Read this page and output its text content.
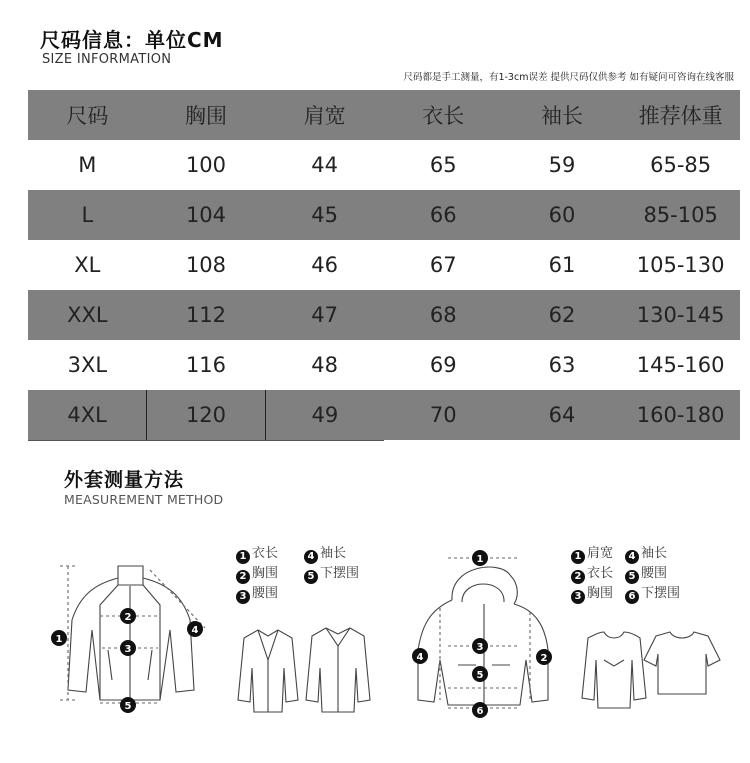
尺码信息：单位CM
SIZE INFORMATION
尺码都是手工测量，有1-3cm误差 提供尺码仅供参考 如有疑问可咨询在线客服
尺码	胸围	肩宽	衣长	袖长	推荐体重
M	100	44	65	59	65-85
L	104	45	66	60	85-105
XL	108	46	67	61	105-130
XXL	112	47	68	62	130-145
3XL	116	48	69	63	145-160
4XL	120	49	70	64	160-180
外套测量方法
MEASUREMENT METHOD
1 衣长	4 袖长
2 胸围	5 下摆围
3 腰围
1 肩宽 4 袖长
2 衣长 5 腰围
3 胸围 6 下摆围
1
2
3
4
5
1
2
3
4
5
6
